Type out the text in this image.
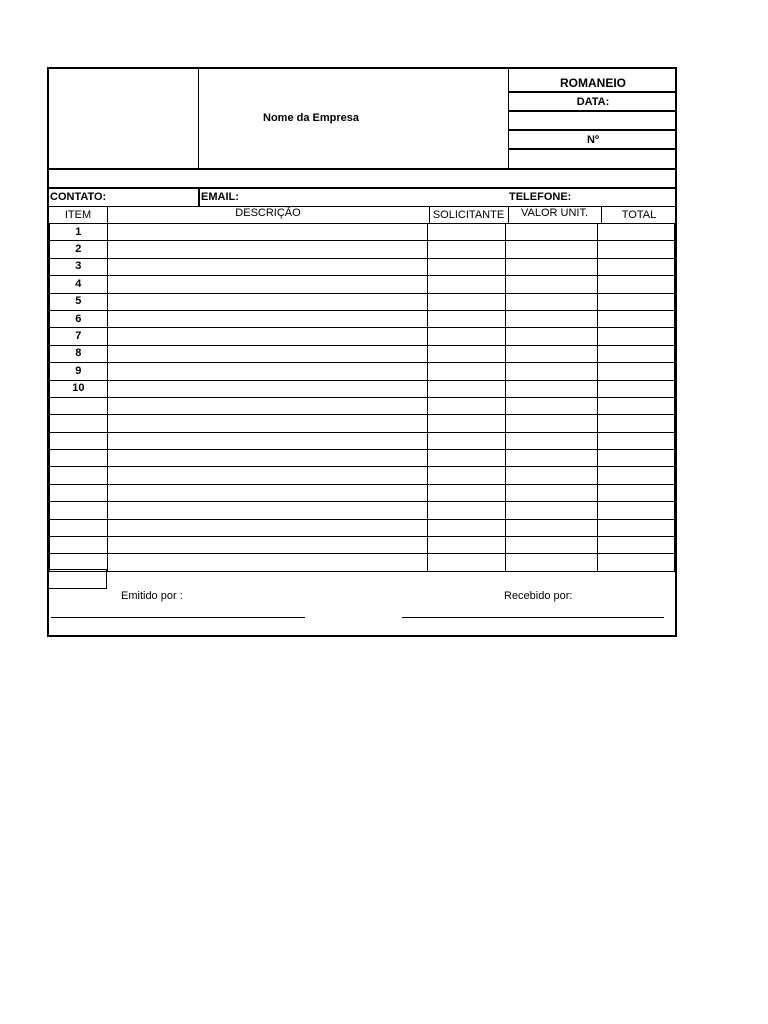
Nome da Empresa
ROMANEIO
DATA:
Nº
CONTATO:	EMAIL:	TELEFONE:
ITEM	DESCRIÇÃO	SOLICITANTE	VALOR UNIT.	TOTAL
1				
2				
3				
4				
5				
6				
7				
8				
9				
10				

Emitido por :	Recebido por:
